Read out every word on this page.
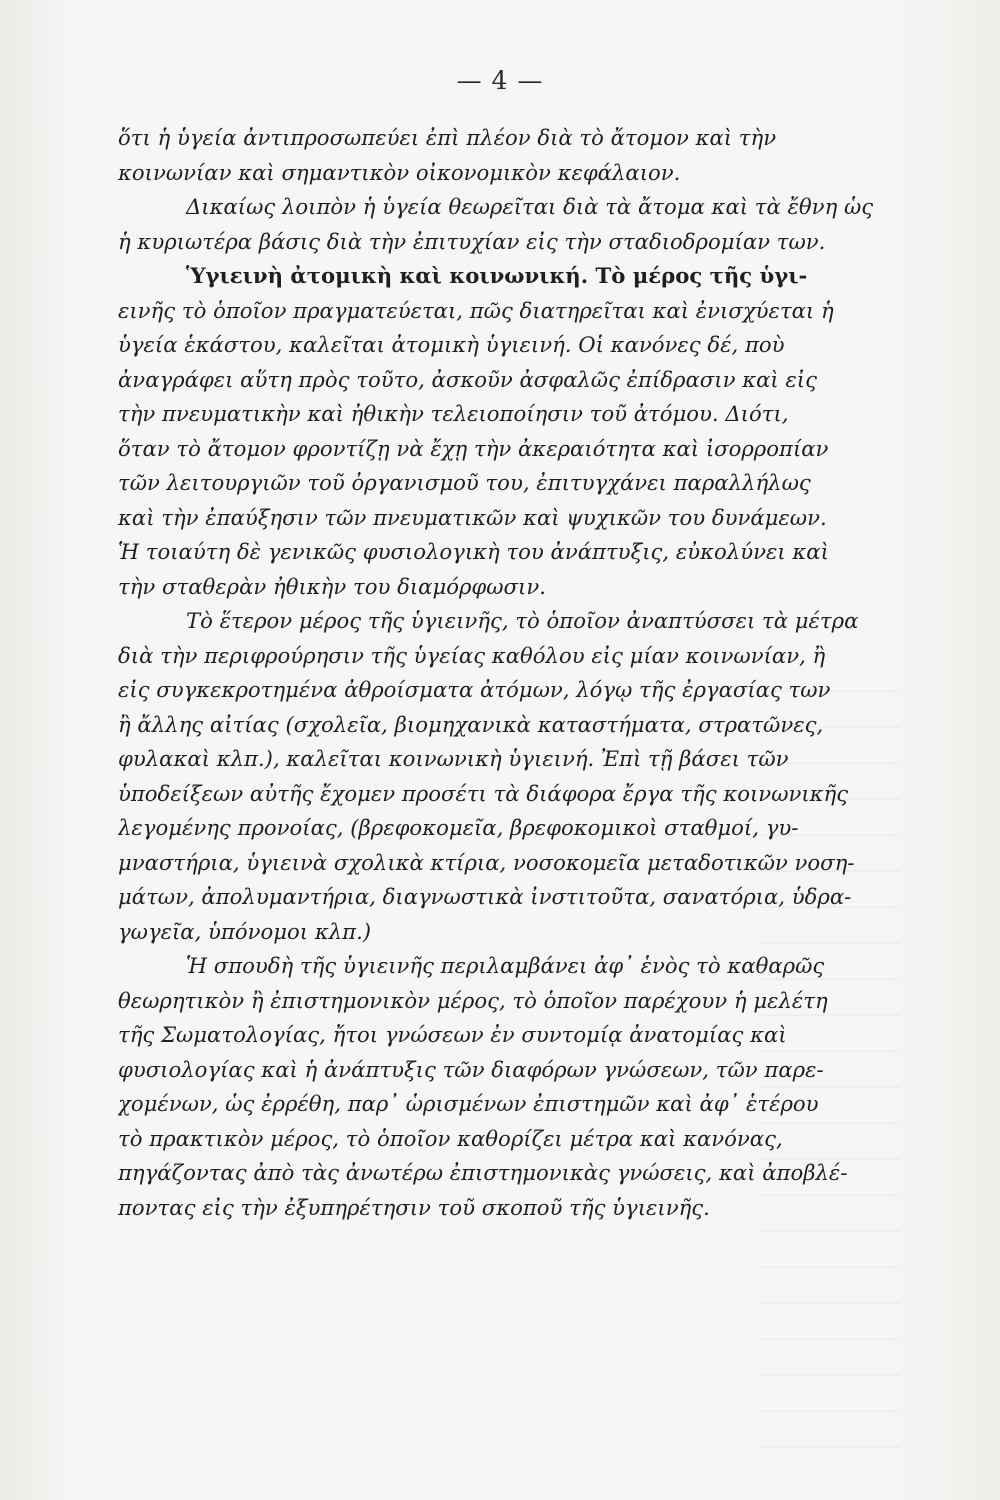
— 4 —
ὅτι ἡ ὑγεία ἀντιπροσωπεύει ἐπὶ πλέον διὰ τὸ ἄτομον καὶ τὴν
κοινωνίαν καὶ σημαντικὸν οἰκονομικὸν κεφάλαιον.
Δικαίως λοιπὸν ἡ ὑγεία θεωρεῖται διὰ τὰ ἄτομα καὶ τὰ ἔθνη ὡς
ἡ κυριωτέρα βάσις διὰ τὴν ἐπιτυχίαν εἰς τὴν σταδιοδρομίαν των.
Ὑγιεινὴ ἀτομικὴ καὶ κοινωνική. Τὸ μέρος τῆς ὑγι-
εινῆς τὸ ὁποῖον πραγματεύεται, πῶς διατηρεῖται καὶ ἐνισχύεται ἡ
ὑγεία ἑκάστου, καλεῖται ἀτομικὴ ὑγιεινή. Οἱ κανόνες δέ, ποὺ
ἀναγράφει αὕτη πρὸς τοῦτο, ἀσκοῦν ἀσφαλῶς ἐπίδρασιν καὶ εἰς
τὴν πνευματικὴν καὶ ἠθικὴν τελειοποίησιν τοῦ ἀτόμου. Διότι,
ὅταν τὸ ἄτομον φροντίζῃ νὰ ἔχῃ τὴν ἀκεραιότητα καὶ ἰσορροπίαν
τῶν λειτουργιῶν τοῦ ὀργανισμοῦ του, ἐπιτυγχάνει παραλλήλως
καὶ τὴν ἐπαύξησιν τῶν πνευματικῶν καὶ ψυχικῶν του δυνάμεων.
Ἡ τοιαύτη δὲ γενικῶς φυσιολογικὴ του ἀνάπτυξις, εὐκολύνει καὶ
τὴν σταθερὰν ἠθικὴν του διαμόρφωσιν.
Τὸ ἕτερον μέρος τῆς ὑγιεινῆς, τὸ ὁποῖον ἀναπτύσσει τὰ μέτρα
διὰ τὴν περιφρούρησιν τῆς ὑγείας καθόλου εἰς μίαν κοινωνίαν, ἢ
εἰς συγκεκροτημένα ἀθροίσματα ἀτόμων, λόγῳ τῆς ἐργασίας των
ἢ ἄλλης αἰτίας (σχολεῖα, βιομηχανικὰ καταστήματα, στρατῶνες,
φυλακαὶ κλπ.), καλεῖται κοινωνικὴ ὑγιεινή. Ἐπὶ τῇ βάσει τῶν
ὑποδείξεων αὐτῆς ἔχομεν προσέτι τὰ διάφορα ἔργα τῆς κοινωνικῆς
λεγομένης προνοίας, (βρεφοκομεῖα, βρεφοκομικοὶ σταθμοί, γυ-
μναστήρια, ὑγιεινὰ σχολικὰ κτίρια, νοσοκομεῖα μεταδοτικῶν νοση-
μάτων, ἀπολυμαντήρια, διαγνωστικὰ ἰνστιτοῦτα, σανατόρια, ὑδρα-
γωγεῖα, ὑπόνομοι κλπ.)
Ἡ σπουδὴ τῆς ὑγιεινῆς περιλαμβάνει ἀφ᾽ ἑνὸς τὸ καθαρῶς
θεωρητικὸν ἢ ἐπιστημονικὸν μέρος, τὸ ὁποῖον παρέχουν ἡ μελέτη
τῆς Σωματολογίας, ἤτοι γνώσεων ἐν συντομίᾳ ἀνατομίας καὶ
φυσιολογίας καὶ ἡ ἀνάπτυξις τῶν διαφόρων γνώσεων, τῶν παρε-
χομένων, ὡς ἐρρέθη, παρ᾽ ὡρισμένων ἐπιστημῶν καὶ ἀφ᾽ ἑτέρου
τὸ πρακτικὸν μέρος, τὸ ὁποῖον καθορίζει μέτρα καὶ κανόνας,
πηγάζοντας ἀπὸ τὰς ἀνωτέρω ἐπιστημονικὰς γνώσεις, καὶ ἀποβλέ-
ποντας εἰς τὴν ἐξυπηρέτησιν τοῦ σκοποῦ τῆς ὑγιεινῆς.
